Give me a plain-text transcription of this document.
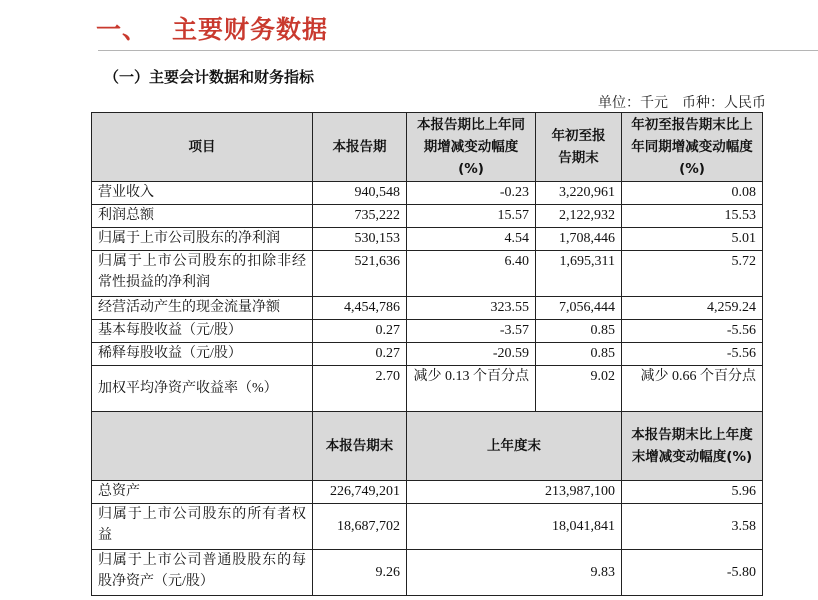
一、 主要财务数据
（一）主要会计数据和财务指标
单位：千元　币种：人民币
项目	本报告期	本报告期比上年同期增减变动幅度(%)	年初至报告期末	年初至报告期末比上年同期增减变动幅度(%)
营业收入	940,548	-0.23	3,220,961	0.08
利润总额	735,222	15.57	2,122,932	15.53
归属于上市公司股东的净利润	530,153	4.54	1,708,446	5.01
归属于上市公司股东的扣除非经常性损益的净利润	521,636	6.40	1,695,311	5.72
经营活动产生的现金流量净额	4,454,786	323.55	7,056,444	4,259.24
基本每股收益（元/股）	0.27	-3.57	0.85	-5.56
稀释每股收益（元/股）	0.27	-20.59	0.85	-5.56
加权平均净资产收益率（%）	2.70	减少 0.13 个百分点	9.02	减少 0.66 个百分点
	本报告期末	上年度末		本报告期末比上年度末增减变动幅度(%)
总资产	226,749,201	213,987,100		5.96
归属于上市公司股东的所有者权益	18,687,702	18,041,841		3.58
归属于上市公司普通股股东的每股净资产（元/股）	9.26	9.83		-5.80
